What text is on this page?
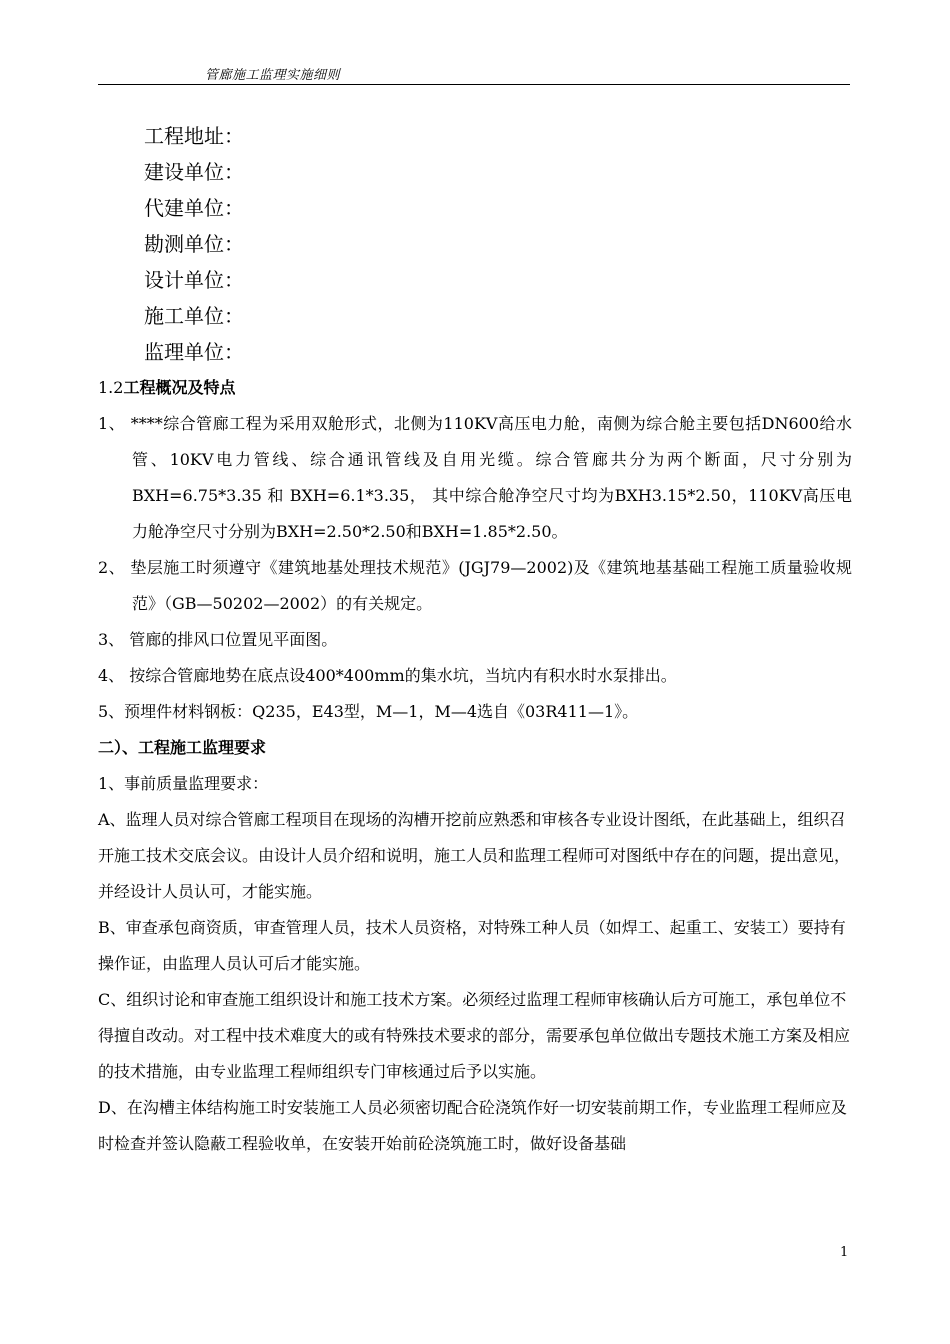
管廊施工监理实施细则
工程地址：
建设单位：
代建单位：
勘测单位：
设计单位：
施工单位：
监理单位：
1.2工程概况及特点
1、 ****综合管廊工程为采用双舱形式，北侧为110KV高压电力舱，南侧为综合舱主要包括DN600给水管、10KV电力管线、综合通讯管线及自用光缆。综合管廊共分为两个断面，尺寸分别为 BXH=6.75*3.35 和 BXH=6.1*3.35， 其中综合舱净空尺寸均为BXH3.15*2.50，110KV高压电力舱净空尺寸分别为BXH=2.50*2.50和BXH=1.85*2.50。
2、 垫层施工时须遵守《建筑地基处理技术规范》(JGJ79—2002)及《建筑地基基础工程施工质量验收规范》（GB—50202—2002）的有关规定。
3、 管廊的排风口位置见平面图。
4、 按综合管廊地势在底点设400*400mm的集水坑，当坑内有积水时水泵排出。
5、预埋件材料钢板：Q235，E43型，M—1，M—4选自《03R411—1》。
二）、工程施工监理要求
1、事前质量监理要求：
A、监理人员对综合管廊工程项目在现场的沟槽开挖前应熟悉和审核各专业设计图纸，在此基础上，组织召开施工技术交底会议。由设计人员介绍和说明，施工人员和监理工程师可对图纸中存在的问题，提出意见，并经设计人员认可，才能实施。
B、审查承包商资质，审查管理人员，技术人员资格，对特殊工种人员（如焊工、起重工、安装工）要持有操作证，由监理人员认可后才能实施。
C、组织讨论和审查施工组织设计和施工技术方案。必须经过监理工程师审核确认后方可施工，承包单位不得擅自改动。对工程中技术难度大的或有特殊技术要求的部分，需要承包单位做出专题技术施工方案及相应的技术措施，由专业监理工程师组织专门审核通过后予以实施。
D、在沟槽主体结构施工时安装施工人员必须密切配合砼浇筑作好一切安装前期工作，专业监理工程师应及时检查并签认隐蔽工程验收单，在安装开始前砼浇筑施工时，做好设备基础
1
